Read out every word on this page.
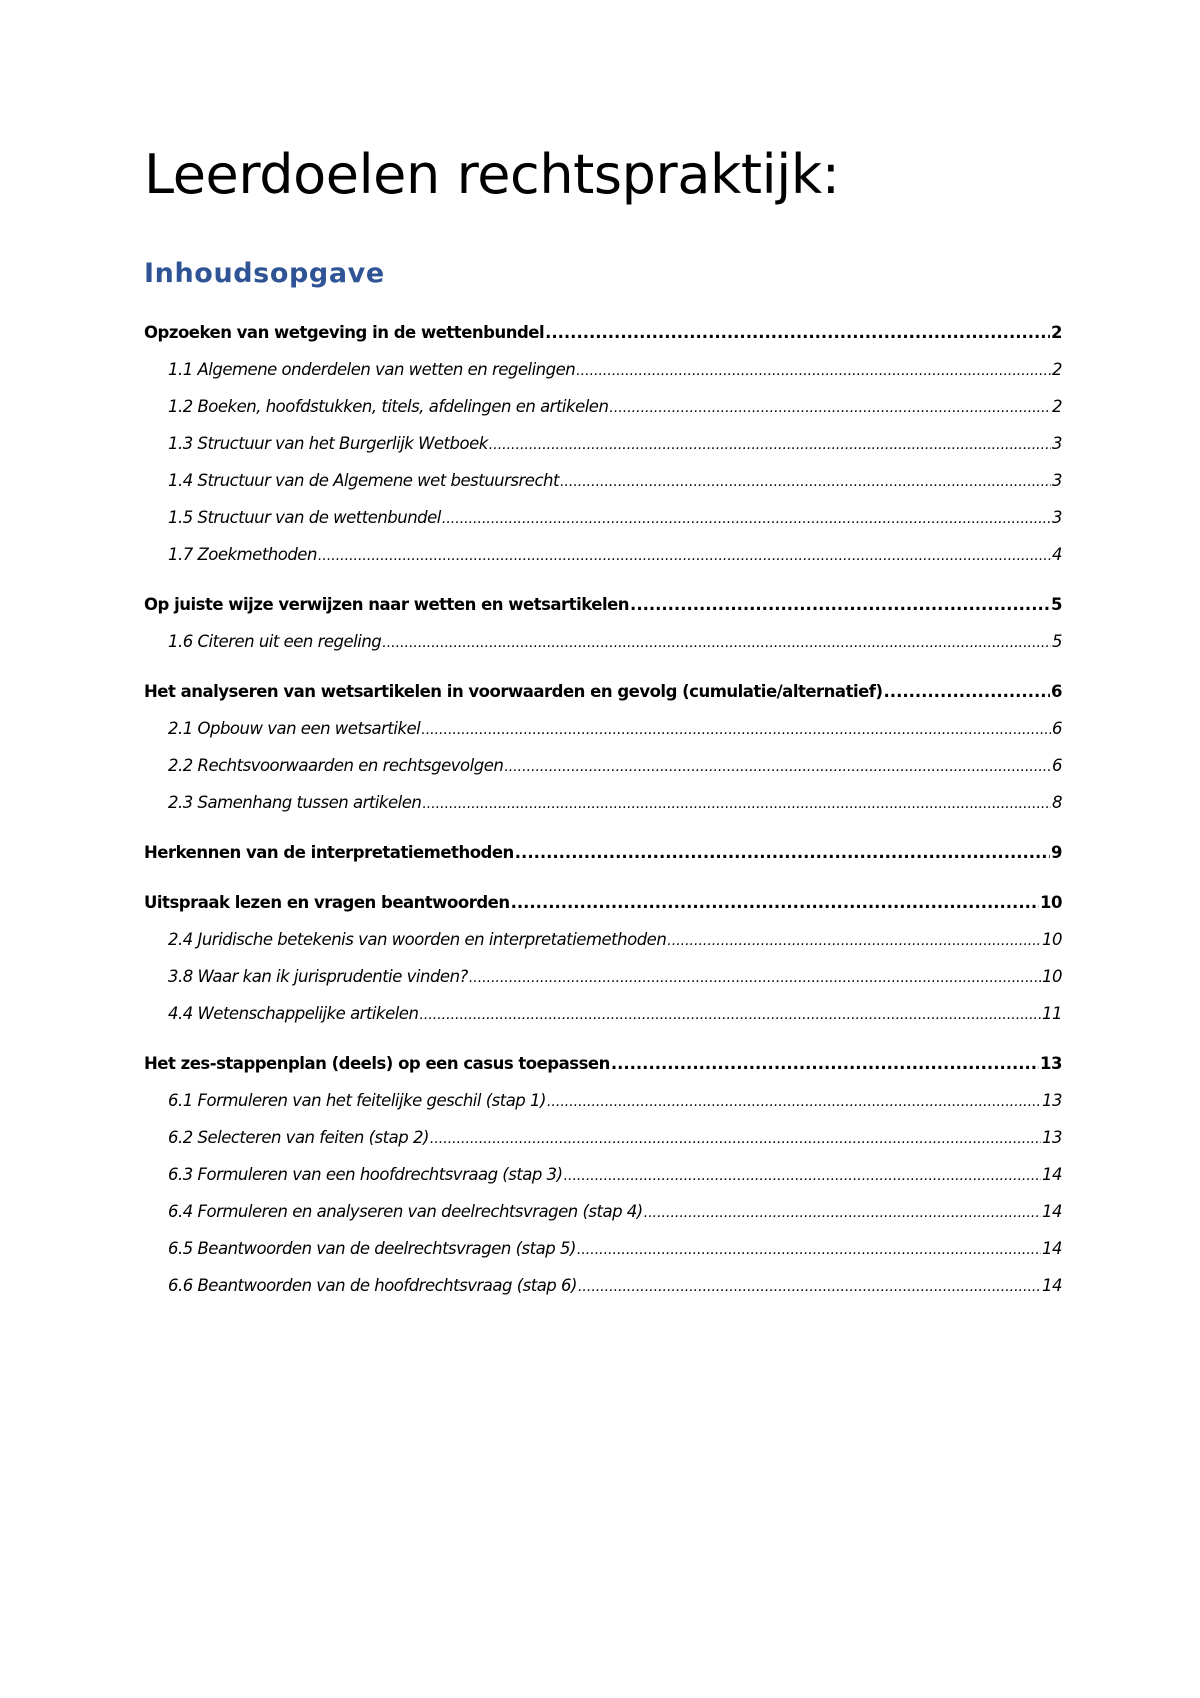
Leerdoelen rechtspraktijk:
Inhoudsopgave
Opzoeken van wetgeving in de wettenbundel .....	2
1.1 Algemene onderdelen van wetten en regelingen .....	2
1.2 Boeken, hoofdstukken, titels, afdelingen en artikelen .....	2
1.3 Structuur van het Burgerlijk Wetboek .....	3
1.4 Structuur van de Algemene wet bestuursrecht .....	3
1.5 Structuur van de wettenbundel .....	3
1.7 Zoekmethoden .....	4
Op juiste wijze verwijzen naar wetten en wetsartikelen .....	5
1.6 Citeren uit een regeling .....	5
Het analyseren van wetsartikelen in voorwaarden en gevolg (cumulatie/alternatief) .....	6
2.1 Opbouw van een wetsartikel .....	6
2.2 Rechtsvoorwaarden en rechtsgevolgen .....	6
2.3 Samenhang tussen artikelen .....	8
Herkennen van de interpretatiemethoden .....	9
Uitspraak lezen en vragen beantwoorden .....	10
2.4 Juridische betekenis van woorden en interpretatiemethoden .....	10
3.8 Waar kan ik jurisprudentie vinden? .....	10
4.4 Wetenschappelijke artikelen .....	11
Het zes-stappenplan (deels) op een casus toepassen .....	13
6.1 Formuleren van het feitelijke geschil (stap 1) .....	13
6.2 Selecteren van feiten (stap 2) .....	13
6.3 Formuleren van een hoofdrechtsvraag (stap 3) .....	14
6.4 Formuleren en analyseren van deelrechtsvragen (stap 4) .....	14
6.5 Beantwoorden van de deelrechtsvragen (stap 5) .....	14
6.6 Beantwoorden van de hoofdrechtsvraag (stap 6) .....	14
